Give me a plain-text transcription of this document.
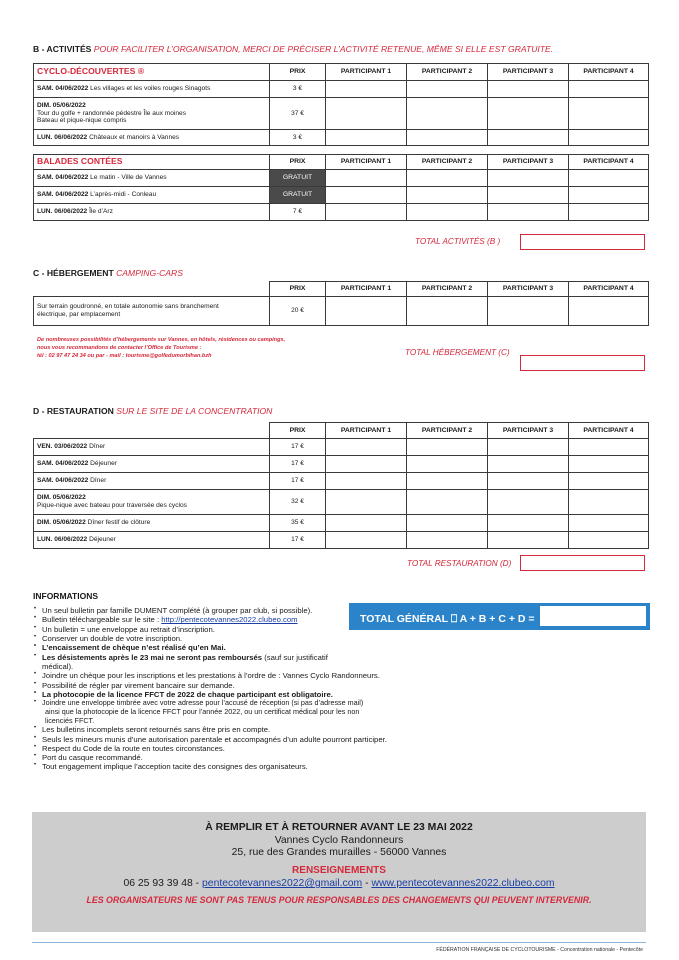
B - ACTIVITÉS POUR FACILITER L’ORGANISATION, MERCI DE PRÉCISER L’ACTIVITÉ RETENUE, MÊME SI ELLE EST GRATUITE.
CYCLO-DÉCOUVERTES ®	PRIX	PARTICIPANT 1	PARTICIPANT 2	PARTICIPANT 3	PARTICIPANT 4
SAM. 04/06/2022 Les villages et les voiles rouges Sinagots	3 €				
DIM. 05/06/2022
Tour du golfe + randonnée pédestre Île aux moines
Bateau et pique-nique compris	37 €				
LUN. 06/06/2022 Châteaux et manoirs à Vannes	3 €				

BALADES CONTÉES	PRIX	PARTICIPANT 1	PARTICIPANT 2	PARTICIPANT 3	PARTICIPANT 4
SAM. 04/06/2022 Le matin - Ville de Vannes	GRATUIT				
SAM. 04/06/2022 L’après-midi - Conleau	GRATUIT				
LUN. 06/06/2022 Île d’Arz	7 €				
TOTAL ACTIVITÉS (B )
C - HÉBERGEMENT CAMPING-CARS
	PRIX	PARTICIPANT 1	PARTICIPANT 2	PARTICIPANT 3	PARTICIPANT 4
Sur terrain goudronné, en totale autonomie sans branchement
électrique, par emplacement	20 €				
De nombreuses possibilités d’hébergements sur Vannes, en hôtels, résidences ou campings,
nous vous recommandons de contacter l’Office de Tourisme :
tél : 02 97 47 24 34 ou par - mail : tourisme@golfedumorbihan.bzh	TOTAL HÉBERGEMENT (C)
D - RESTAURATION SUR LE SITE DE LA CONCENTRATION
	PRIX	PARTICIPANT 1	PARTICIPANT 2	PARTICIPANT 3	PARTICIPANT 4
VEN. 03/06/2022 Dîner	17 €				
SAM. 04/06/2022 Déjeuner	17 €				
SAM. 04/06/2022 Dîner	17 €				
DIM. 05/06/2022
Pique-nique avec bateau pour traversée des cyclos	32 €				
DIM. 05/06/2022 Dîner festif de clôture	35 €				
LUN. 06/06/2022 Déjeuner	17 €				
TOTAL RESTAURATION (D)
INFORMATIONS
TOTAL GÉNÉRAL ⎕ A + B + C + D =
• Un seul bulletin par famille DUMENT complété (à grouper par club, si possible).
• Bulletin téléchargeable sur le site : http://pentecotevannes2022.clubeo.com
• Un bulletin = une enveloppe au retrait d’inscription.
• Conserver un double de votre inscription.
• L’encaissement de chèque n’est réalisé qu’en Mai.
• Les désistements après le 23 mai ne seront pas remboursés (sauf sur justificatif médical).
• Joindre un chèque pour les inscriptions et les prestations à l’ordre de : Vannes Cyclo Randonneurs.
• Possibilité de régler par virement bancaire sur demande.
• La photocopie de la licence FFCT de 2022 de chaque participant est obligatoire.
• Joindre une enveloppe timbrée avec votre adresse pour l’accusé de réception (si pas d’adresse mail)
ainsi que la photocopie de la licence FFCT pour l’année 2022, ou un certificat médical pour les non
licenciés FFCT.
• Les bulletins incomplets seront retournés sans être pris en compte.
• Seuls les mineurs munis d’une autorisation parentale et accompagnés d’un adulte pourront participer.
• Respect du Code de la route en toutes circonstances.
• Port du casque recommandé.
• Tout engagement implique l’acception tacite des consignes des organisateurs.
À REMPLIR ET À RETOURNER AVANT LE 23 MAI 2022
Vannes Cyclo Randonneurs
25, rue des Grandes murailles - 56000 Vannes
RENSEIGNEMENTS
06 25 93 39 48 - pentecotevannes2022@gmail.com - www.pentecotevannes2022.clubeo.com
LES ORGANISATEURS NE SONT PAS TENUS POUR RESPONSABLES DES CHANGEMENTS QUI PEUVENT INTERVENIR.
FÉDÉRATION FRANÇAISE DE CYCLOTOURISME - Concentration nationale - Pentecôte
